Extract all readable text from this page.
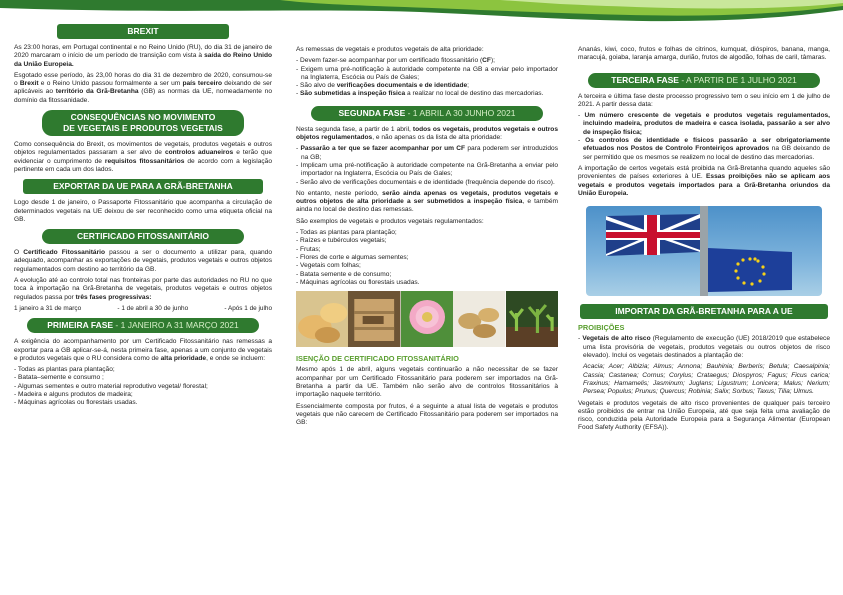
BREXIT

As 23:00 horas, em Portugal continental e no Reino Unido (RU), do dia 31 de janeiro de 2020 marcaram o início de um período de transição com vista à saída do Reino Unido da União Europeia.

Esgotado esse período, às 23,00 horas do dia 31 de dezembro de 2020, consumou-se o Brexit e o Reino Unido passou formalmente a ser um país terceiro deixando de ser aplicáveis ao território da Grã-Bretanha (GB) as normas da UE, nomeadamente no domínio da fitossanidade.

CONSEQUÊNCIAS NO MOVIMENTO
DE VEGETAIS E PRODUTOS VEGETAIS

Como consequência do Brexit, os movimentos de vegetais, produtos vegetais e outros objetos regulamentados passaram a ser alvo de controlos aduaneiros e terão que evidenciar o cumprimento de requisitos fitossanitários de acordo com a legislação pertinente em cada um dos lados.

EXPORTAR DA UE PARA A GRÃ-BRETANHA

Logo desde 1 de janeiro, o Passaporte Fitossanitário que acompanha a circulação de determinados vegetais na UE deixou de ser reconhecido como uma etiqueta oficial na GB.

CERTIFICADO FITOSSANITÁRIO

O Certificado Fitossanitário passou a ser o documento a utilizar para, quando adequado, acompanhar as exportações de vegetais, produtos vegetais e outros objetos regulamentados com destino ao território da GB.

A evolução até ao controlo total nas fronteiras por parte das autoridades no RU no que toca à importação na Grã-Bretanha de vegetais, produtos vegetais e outros objetos regulados passa por três fases progressivas:

1 janeiro a 31 de março	- 1 de abril a 30 de junho	- Após 1 de julho
PRIMEIRA FASE - 1 JANEIRO A 31 MARÇO 2021

A exigência do acompanhamento por um Certificado Fitossanitário nas remessas a exportar para a GB aplicar-se-á, nesta primeira fase, apenas a um conjunto de vegetais e produtos vegetais que o RU considera como de alta prioridade, e onde se incluem:

- Todas as plantas para plantação;
- Batata–semente e consumo ;
- Algumas sementes e outro material reprodutivo vegetal/ florestal;
- Madeira e alguns produtos de madeira;
- Máquinas agrícolas ou florestais usadas.

As remessas de vegetais e produtos vegetais de alta prioridade:

- Devem fazer-se acompanhar por um certificado fitossanitário (CF);
- Exigem uma pré-notificação à autoridade competente na GB a enviar pelo importador na Inglaterra, Escócia ou País de Gales;
- São alvo de verificações documentais e de identidade;
- São submetidas a inspeção física a realizar no local de destino das mercadorias.
SEGUNDA FASE - 1 ABRIL A 30 JUNHO 2021

Nesta segunda fase, a partir de 1 abril, todos os vegetais, produtos vegetais e outros objetos regulamentados, e não apenas os da lista de alta prioridade:

- Passarão a ter que se fazer acompanhar por um CF para poderem ser introduzidos na GB;
- Implicam uma pré-notificação à autoridade competente na Grã-Bretanha a enviar pelo importador na Inglaterra, Escócia ou País de Gales;
- Serão alvo de verificações documentais e de identidade (frequência depende do risco).

No entanto, neste período, serão ainda apenas os vegetais, produtos vegetais e outros objetos de alta prioridade a ser submetidos a inspeção física, e também ainda no local de destino das remessas.

São exemplos de vegetais e produtos vegetais regulamentados:

- Todas as plantas para plantação;
- Raízes e tubérculos vegetais;
- Frutas;
- Flores de corte e algumas sementes;
- Vegetais com folhas;
- Batata semente e de consumo;
- Máquinas agrícolas ou florestais usadas.
ISENÇÃO DE CERTIFICADO FITOSSANITÁRIO

Mesmo após 1 de abril, alguns vegetais continuarão a não necessitar de se fazer acompanhar por um Certificado Fitossanitário para poderem ser importados na Grã-Bretanha a partir da UE. Também não serão alvo de controlos fitossanitários à importação naquele território.

Essencialmente composta por frutos, é a seguinte a atual lista de vegetais e produtos vegetais que não carecem de Certificado Fitossanitário para poderem ser importados na GB:

Ananás, kiwi, coco, frutos e folhas de citrinos, kumquat, dióspiros, banana, manga, maracujá, goiaba, laranja amarga, durião, frutos de algodão, folhas de caril, tâmaras.

TERCEIRA FASE - A PARTIR DE 1 JULHO 2021

A terceira e última fase deste processo progressivo tem o seu início em 1 de julho de 2021. A partir dessa data:

- Um número crescente de vegetais e produtos vegetais regulamentados, incluindo madeira, produtos de madeira e casca isolada, passarão a ser alvo de inspeção física;
- Os controlos de identidade e físicos passarão a ser obrigatoriamente efetuados nos Postos de Controlo Fronteiriços aprovados na GB deixando de ser permitido que os mesmos se realizem no local de destino das mercadorias.

A importação de certos vegetais está proibida na Grã-Bretanha quando aqueles são provenientes de países exteriores à UE. Essas proibições não se aplicam aos vegetais e produtos vegetais importados para a Grã-Bretanha oriundos da União Europeia.

IMPORTAR DA GRÃ-BRETANHA PARA A UE
PROIBIÇÕES
- Vegetais de alto risco (Regulamento de execução (UE) 2018/2019 que estabelece uma lista provisória de vegetais, produtos vegetais ou outros objetos de risco elevado). Inclui os vegetais destinados a plantação de:

Acacia; Acer; Albizia; Almus; Annona; Bauhinia; Berberis; Betula; Caesalpinia; Cassia; Castanea; Cornus; Corylus; Crataegus; Diospyros; Fagus; Ficus carica; Fraxinus; Hamamelis; Jasminum; Juglans; Ligustrum; Lonicera; Malus; Nerium; Persea; Populus; Prunus; Quercus; Robinia; Salix; Sorbus; Taxus; Tilia; Ulmus.

Vegetais e produtos vegetais de alto risco provenientes de qualquer país terceiro estão proibidos de entrar na União Europeia, até que seja feita uma avaliação de risco, conduzida pela Autoridade Europeia para a Segurança Alimentar (European Food Safety Authority (EFSA)).
